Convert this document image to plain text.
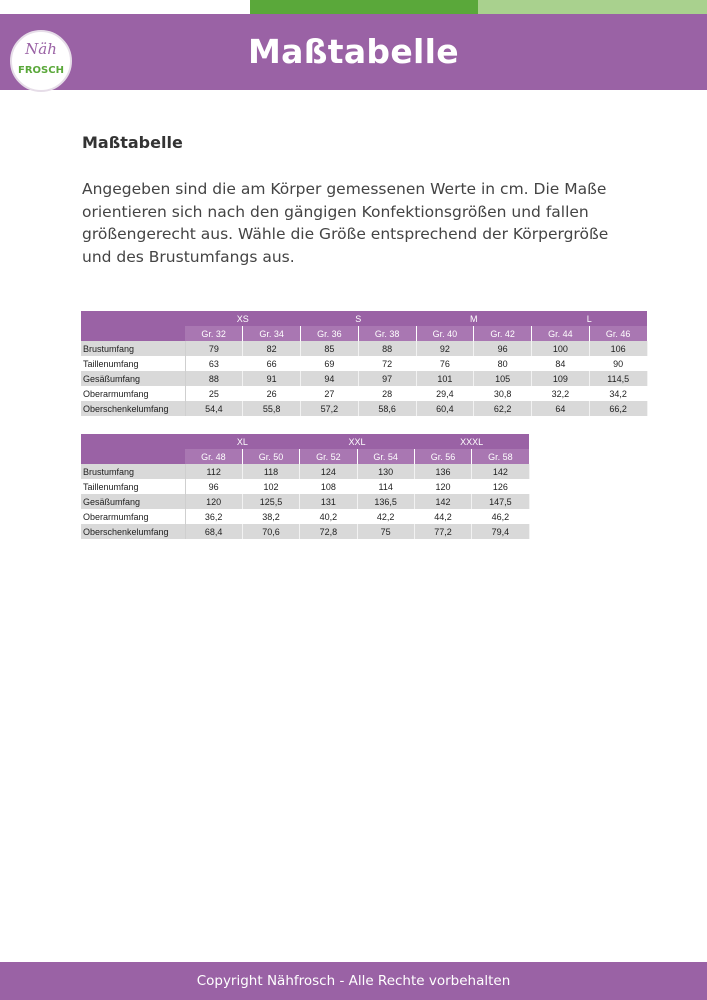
Näh
FROSCH	Maßtabelle
Maßtabelle
Angegeben sind die am Körper gemessenen Werte in cm. Die Maße orientieren sich nach den gängigen Konfektionsgrößen und fallen größengerecht aus. Wähle die Größe entsprechend der Körpergröße und des Brustumfangs aus.
	XS		S		M		L	
	Gr. 32	Gr. 34	Gr. 36	Gr. 38	Gr. 40	Gr. 42	Gr. 44	Gr. 46
Brustumfang	79	82	85	88	92	96	100	106
Taillenumfang	63	66	69	72	76	80	84	90
Gesäßumfang	88	91	94	97	101	105	109	114,5
Oberarmumfang	25	26	27	28	29,4	30,8	32,2	34,2
Oberschenkelumfang	54,4	55,8	57,2	58,6	60,4	62,2	64	66,2
	XL		XXL		XXXL	
	Gr. 48	Gr. 50	Gr. 52	Gr. 54	Gr. 56	Gr. 58
Brustumfang	112	118	124	130	136	142
Taillenumfang	96	102	108	114	120	126
Gesäßumfang	120	125,5	131	136,5	142	147,5
Oberarmumfang	36,2	38,2	40,2	42,2	44,2	46,2
Oberschenkelumfang	68,4	70,6	72,8	75	77,2	79,4
Copyright Nähfrosch - Alle Rechte vorbehalten
